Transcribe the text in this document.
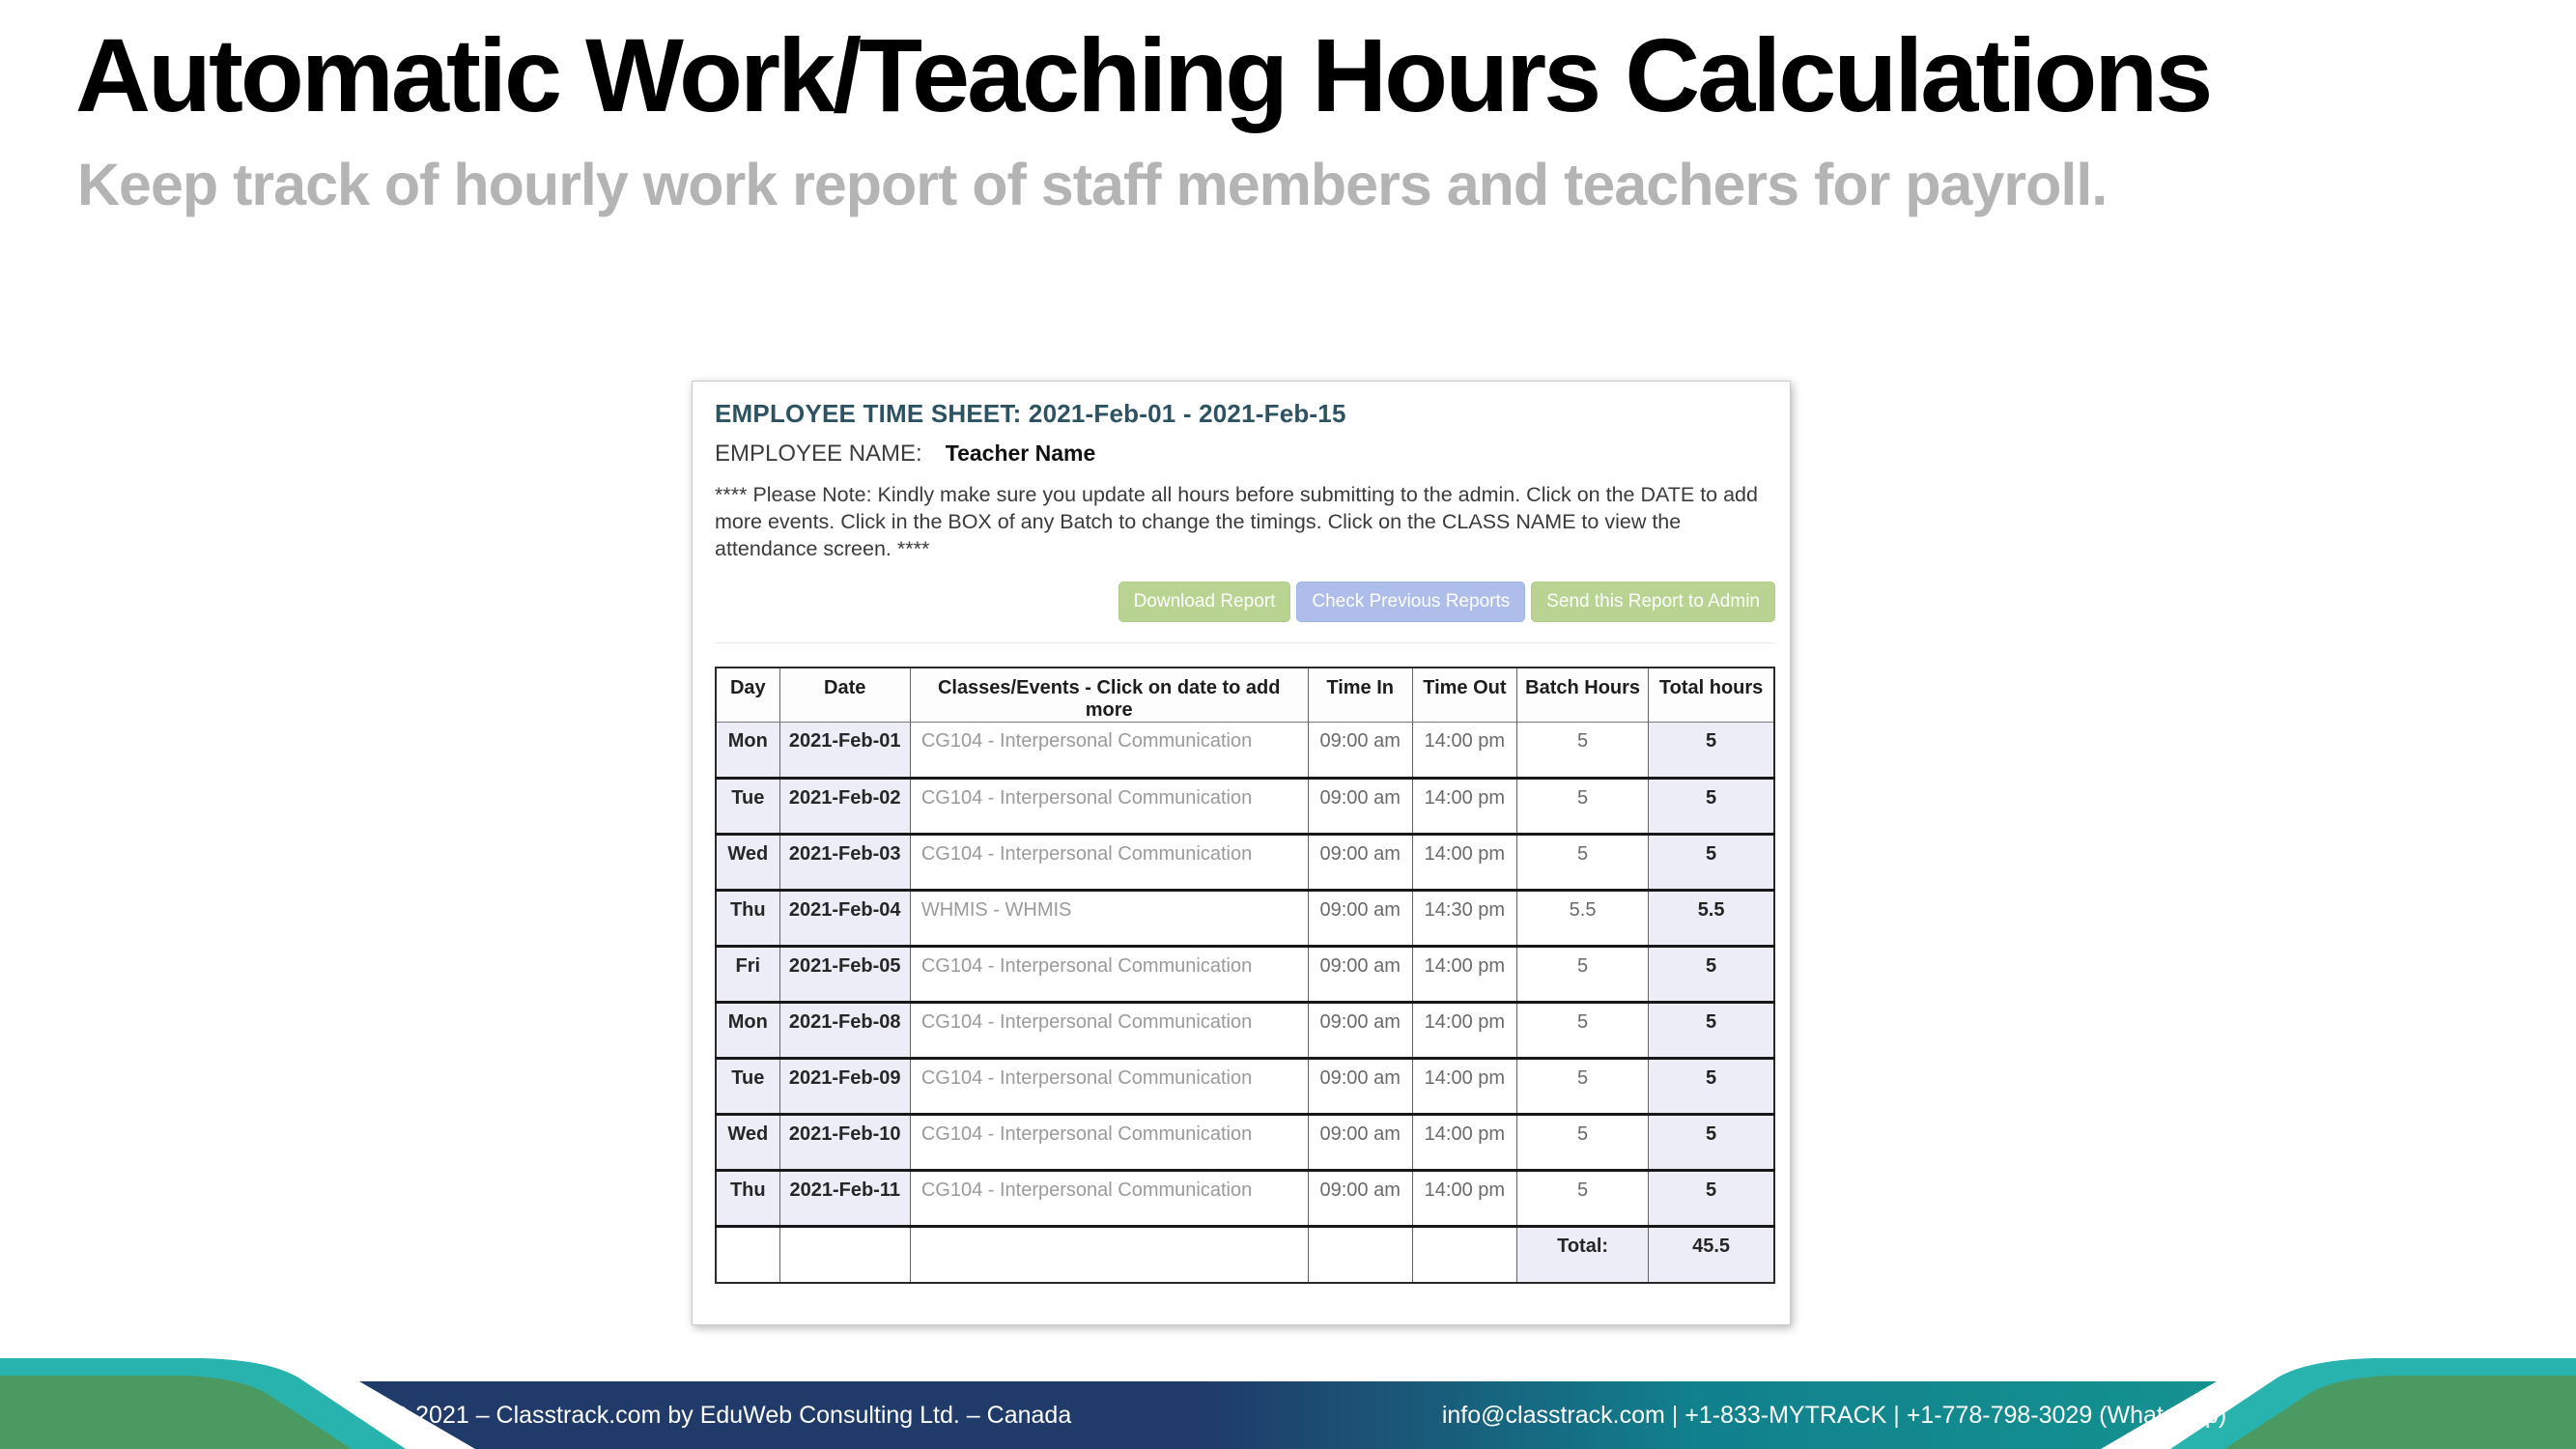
Automatic Work/Teaching Hours Calculations
Keep track of hourly work report of staff members and teachers for payroll.
EMPLOYEE TIME SHEET: 2021-Feb-01 - 2021-Feb-15
EMPLOYEE NAME: Teacher Name

**** Please Note: Kindly make sure you update all hours before submitting to the admin. Click on the DATE to add more events. Click in the BOX of any Batch to change the timings. Click on the CLASS NAME to view the attendance screen. ****

Download Report	Check Previous Reports	Send this Report to Admin
Day	Date	Classes/Events - Click on date to add more	Time In	Time Out	Batch Hours	Total hours
Mon	2021-Feb-01	CG104 - Interpersonal Communication	09:00 am	14:00 pm	5	5
Tue	2021-Feb-02	CG104 - Interpersonal Communication	09:00 am	14:00 pm	5	5
Wed	2021-Feb-03	CG104 - Interpersonal Communication	09:00 am	14:00 pm	5	5
Thu	2021-Feb-04	WHMIS - WHMIS	09:00 am	14:30 pm	5.5	5.5
Fri	2021-Feb-05	CG104 - Interpersonal Communication	09:00 am	14:00 pm	5	5
Mon	2021-Feb-08	CG104 - Interpersonal Communication	09:00 am	14:00 pm	5	5
Tue	2021-Feb-09	CG104 - Interpersonal Communication	09:00 am	14:00 pm	5	5
Wed	2021-Feb-10	CG104 - Interpersonal Communication	09:00 am	14:00 pm	5	5
Thu	2021-Feb-11	CG104 - Interpersonal Communication	09:00 am	14:00 pm	5	5
					Total:	45.5
© 2021 – Classtrack.com by EduWeb Consulting Ltd. – Canada	info@classtrack.com | +1-833-MYTRACK | +1-778-798-3029 (WhatsApp)
